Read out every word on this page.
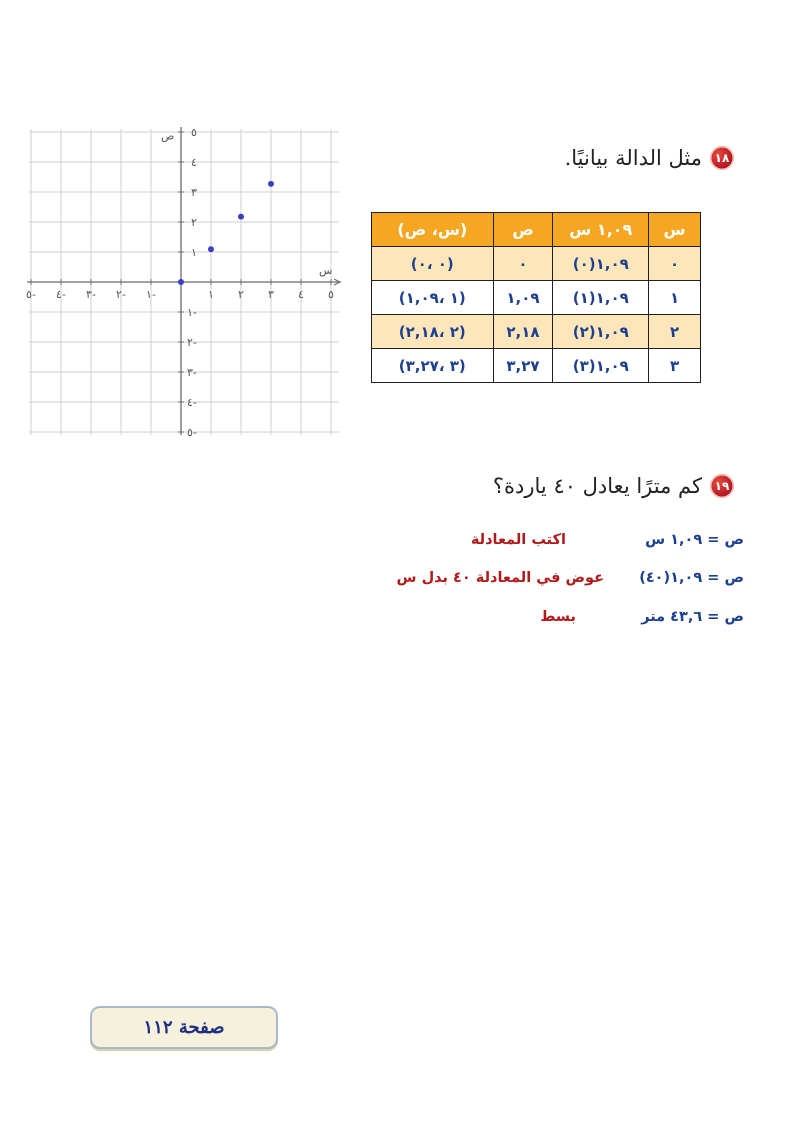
مثل الدالة بيانيًا.	١٨
س	١,٠٩ س	ص	(س، ص)
٠	١,٠٩(٠)	٠	(٠ ،٠)
١	١,٠٩(١)	١,٠٩	(١ ،١,٠٩)
٢	١,٠٩(٢)	٢,١٨	(٢ ،٢,١٨)
٣	١,٠٩(٣)	٣,٢٧	(٣ ،٣,٢٧)
س
ص
٥- ٤- ٣- ٢- ١-	١ ٢ ٣ ٤ ٥
١
٢
٣
٤
٥
١-
٢-
٣-
٤-
٥-
كم مترًا يعادل ٤٠ ياردة؟	١٩
ص = ١,٠٩ س
اكتب المعادلة
ص = ١,٠٩(٤٠)
عوض في المعادلة ٤٠ بدل س
ص = ٤٣,٦ متر
بسط
صفحة ١١٢
